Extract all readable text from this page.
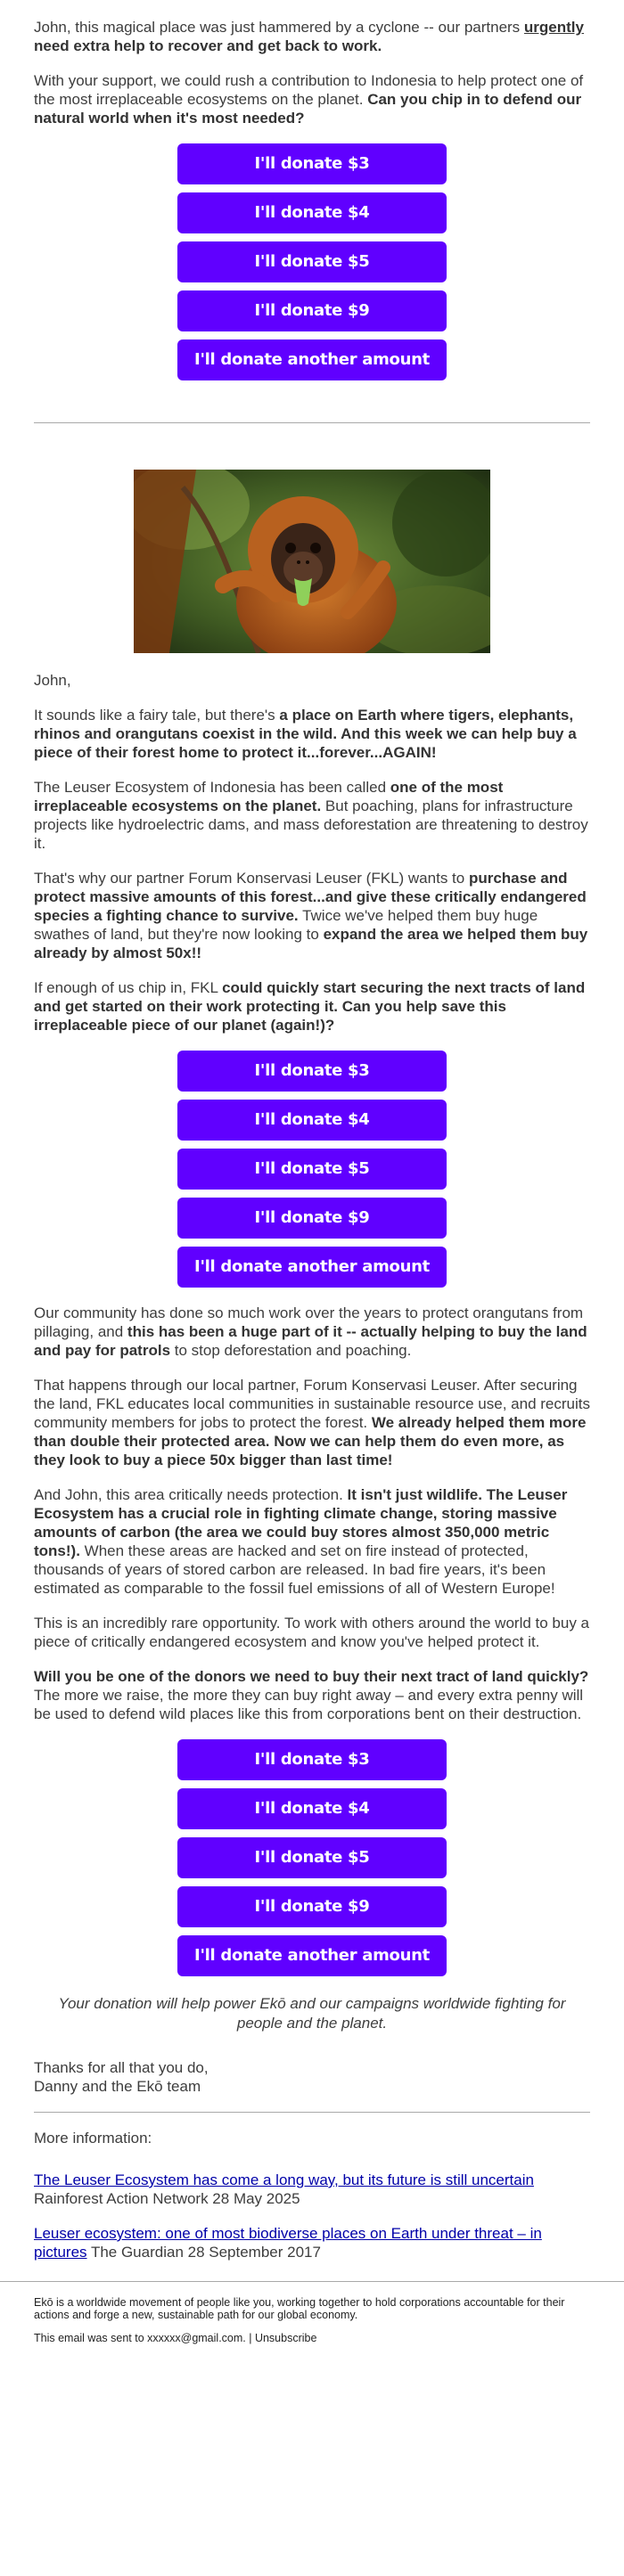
John, this magical place was just hammered by a cyclone -- our partners urgently need extra help to recover and get back to work.

With your support, we could rush a contribution to Indonesia to help protect one of the most irreplaceable ecosystems on the planet. Can you chip in to defend our natural world when it's most needed?

I'll donate $3
I'll donate $4
I'll donate $5
I'll donate $9
I'll donate another amount

John,

It sounds like a fairy tale, but there's a place on Earth where tigers, elephants, rhinos and orangutans coexist in the wild. And this week we can help buy a piece of their forest home to protect it...forever...AGAIN!

The Leuser Ecosystem of Indonesia has been called one of the most irreplaceable ecosystems on the planet. But poaching, plans for infrastructure projects like hydroelectric dams, and mass deforestation are threatening to destroy it.

That's why our partner Forum Konservasi Leuser (FKL) wants to purchase and protect massive amounts of this forest...and give these critically endangered species a fighting chance to survive. Twice we've helped them buy huge swathes of land, but they're now looking to expand the area we helped them buy already by almost 50x!!

If enough of us chip in, FKL could quickly start securing the next tracts of land and get started on their work protecting it. Can you help save this irreplaceable piece of our planet (again!)?

I'll donate $3
I'll donate $4
I'll donate $5
I'll donate $9
I'll donate another amount

Our community has done so much work over the years to protect orangutans from pillaging, and this has been a huge part of it -- actually helping to buy the land and pay for patrols to stop deforestation and poaching.

That happens through our local partner, Forum Konservasi Leuser. After securing the land, FKL educates local communities in sustainable resource use, and recruits community members for jobs to protect the forest. We already helped them more than double their protected area. Now we can help them do even more, as they look to buy a piece 50x bigger than last time!

And John, this area critically needs protection. It isn't just wildlife. The Leuser Ecosystem has a crucial role in fighting climate change, storing massive amounts of carbon (the area we could buy stores almost 350,000 metric tons!). When these areas are hacked and set on fire instead of protected, thousands of years of stored carbon are released. In bad fire years, it's been estimated as comparable to the fossil fuel emissions of all of Western Europe!

This is an incredibly rare opportunity. To work with others around the world to buy a piece of critically endangered ecosystem and know you've helped protect it.

Will you be one of the donors we need to buy their next tract of land quickly? The more we raise, the more they can buy right away – and every extra penny will be used to defend wild places like this from corporations bent on their destruction.

I'll donate $3
I'll donate $4
I'll donate $5
I'll donate $9
I'll donate another amount

Your donation will help power Ekō and our campaigns worldwide fighting for people and the planet.

Thanks for all that you do,
Danny and the Ekō team

More information:

The Leuser Ecosystem has come a long way, but its future is still uncertain
Rainforest Action Network 28 May 2025

Leuser ecosystem: one of most biodiverse places on Earth under threat – in pictures The Guardian 28 September 2017

Ekō is a worldwide movement of people like you, working together to hold corporations accountable for their actions and forge a new, sustainable path for our global economy.
This email was sent to xxxxxx@gmail.com. | Unsubscribe
